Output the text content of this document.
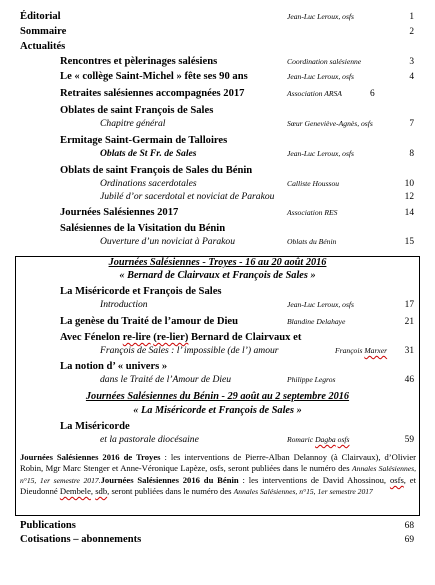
Éditorial	Jean-Luc Leroux, osfs	1
Sommaire	2
Actualités
Rencontres et pèlerinages salésiens	Coordination salésienne	3
Le « collège Saint-Michel » fête ses 90 ans	Jean-Luc Leroux, osfs	4
Retraites salésiennes accompagnées 2017	Association ARSA	6
Oblates de saint François de Sales
Chapitre général	Sœur Geneviève-Agnès, osfs	7
Ermitage Saint-Germain de Talloires
Oblats de St Fr. de Sales	Jean-Luc Leroux, osfs	8
Oblats de saint François de Sales du Bénin
Ordinations sacerdotales	Calliste Houssou	10
Jubilé d’or sacerdotal et noviciat de Parakou	12
Journées Salésiennes 2017	Association RES	14
Salésiennes de la Visitation du Bénin
Ouverture d’un noviciat à Parakou	Oblats du Bénin	15
Journées Salésiennes - Troyes - 16 au 20 août 2016
« Bernard de Clairvaux et François de Sales »
La Miséricorde et François de Sales
Introduction	Jean-Luc Leroux, osfs	17
La genèse du Traité de l’amour de Dieu	Blandine Delahaye	21
Avec Fénelon re-lire (re-lier) Bernard de Clairvaux et
François de Sales : l’ impossible (de l’) amour	François Marxer	31
La notion d’ « univers »
dans le Traité de l’Amour de Dieu	Philippe Legros	46
Journées Salésiennes du Bénin - 29 août au 2 septembre 2016
« La Miséricorde et François de Sales »
La Miséricorde
et la pastorale diocésaine	Romaric Dagba osfs	59
Journées Salésiennes 2016 de Troyes : les interventions de Pierre-Alban Delannoy (à Clairvaux), d’Olivier Robin, Mgr Marc Stenger et Anne-Véronique Lapèze, osfs, seront publiées dans le numéro des Annales Salésiennes, n°15, 1er semestre 2017.Journées Salésiennes 2016 du Bénin : les interventions de David Ahossinou, osfs, et Dieudonné Dembele, sdb, seront publiées dans le numéro des Annales Salésiennes, n°15, 1er semestre 2017
Publications	68
Cotisations – abonnements	69
